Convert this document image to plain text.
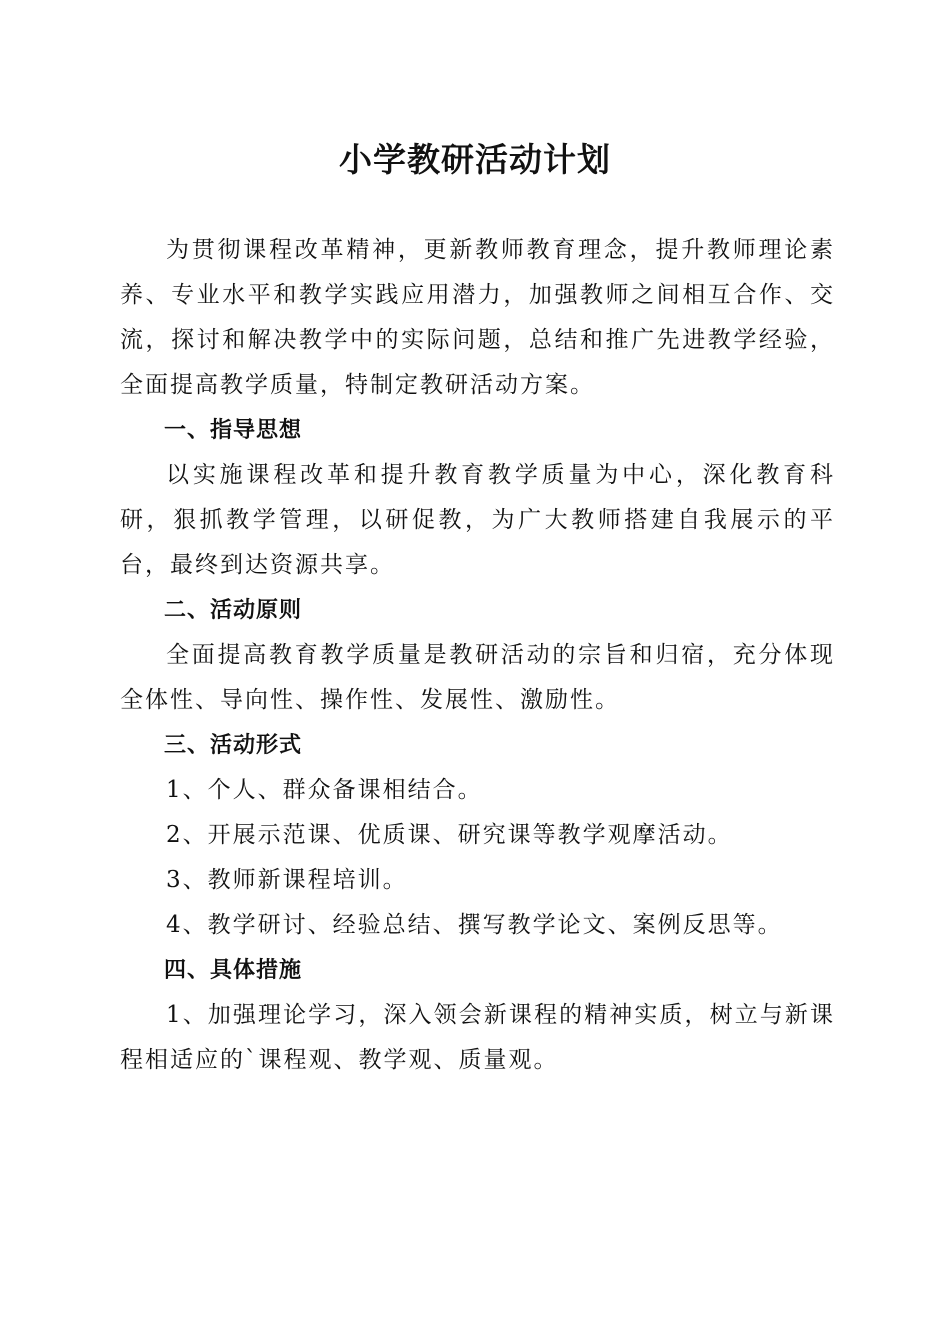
小学教研活动计划

为贯彻课程改革精神，更新教师教育理念，提升教师理论素养、专业水平和教学实践应用潜力，加强教师之间相互合作、交流，探讨和解决教学中的实际问题，总结和推广先进教学经验，全面提高教学质量，特制定教研活动方案。

一、指导思想

以实施课程改革和提升教育教学质量为中心，深化教育科研，狠抓教学管理，以研促教，为广大教师搭建自我展示的平台，最终到达资源共享。

二、活动原则

全面提高教育教学质量是教研活动的宗旨和归宿，充分体现全体性、导向性、操作性、发展性、激励性。

三、活动形式

1、个人、群众备课相结合。

2、开展示范课、优质课、研究课等教学观摩活动。

3、教师新课程培训。

4、教学研讨、经验总结、撰写教学论文、案例反思等。

四、具体措施

1、加强理论学习，深入领会新课程的精神实质，树立与新课程相适应的`课程观、教学观、质量观。
